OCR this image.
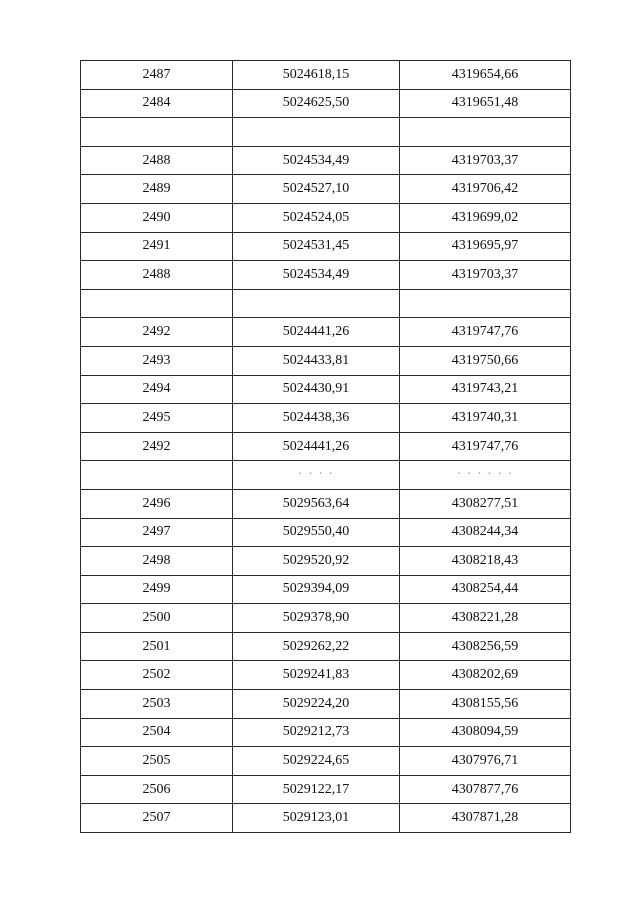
2487	5024618,15	4319654,66
2484	5024625,50	4319651,48

2488	5024534,49	4319703,37
2489	5024527,10	4319706,42
2490	5024524,05	4319699,02
2491	5024531,45	4319695,97
2488	5024534,49	4319703,37

2492	5024441,26	4319747,76
2493	5024433,81	4319750,66
2494	5024430,91	4319743,21
2495	5024438,36	4319740,31
2492	5024441,26	4319747,76
	· · · ·	· · · · · ·
2496	5029563,64	4308277,51
2497	5029550,40	4308244,34
2498	5029520,92	4308218,43
2499	5029394,09	4308254,44
2500	5029378,90	4308221,28
2501	5029262,22	4308256,59
2502	5029241,83	4308202,69
2503	5029224,20	4308155,56
2504	5029212,73	4308094,59
2505	5029224,65	4307976,71
2506	5029122,17	4307877,76
2507	5029123,01	4307871,28
